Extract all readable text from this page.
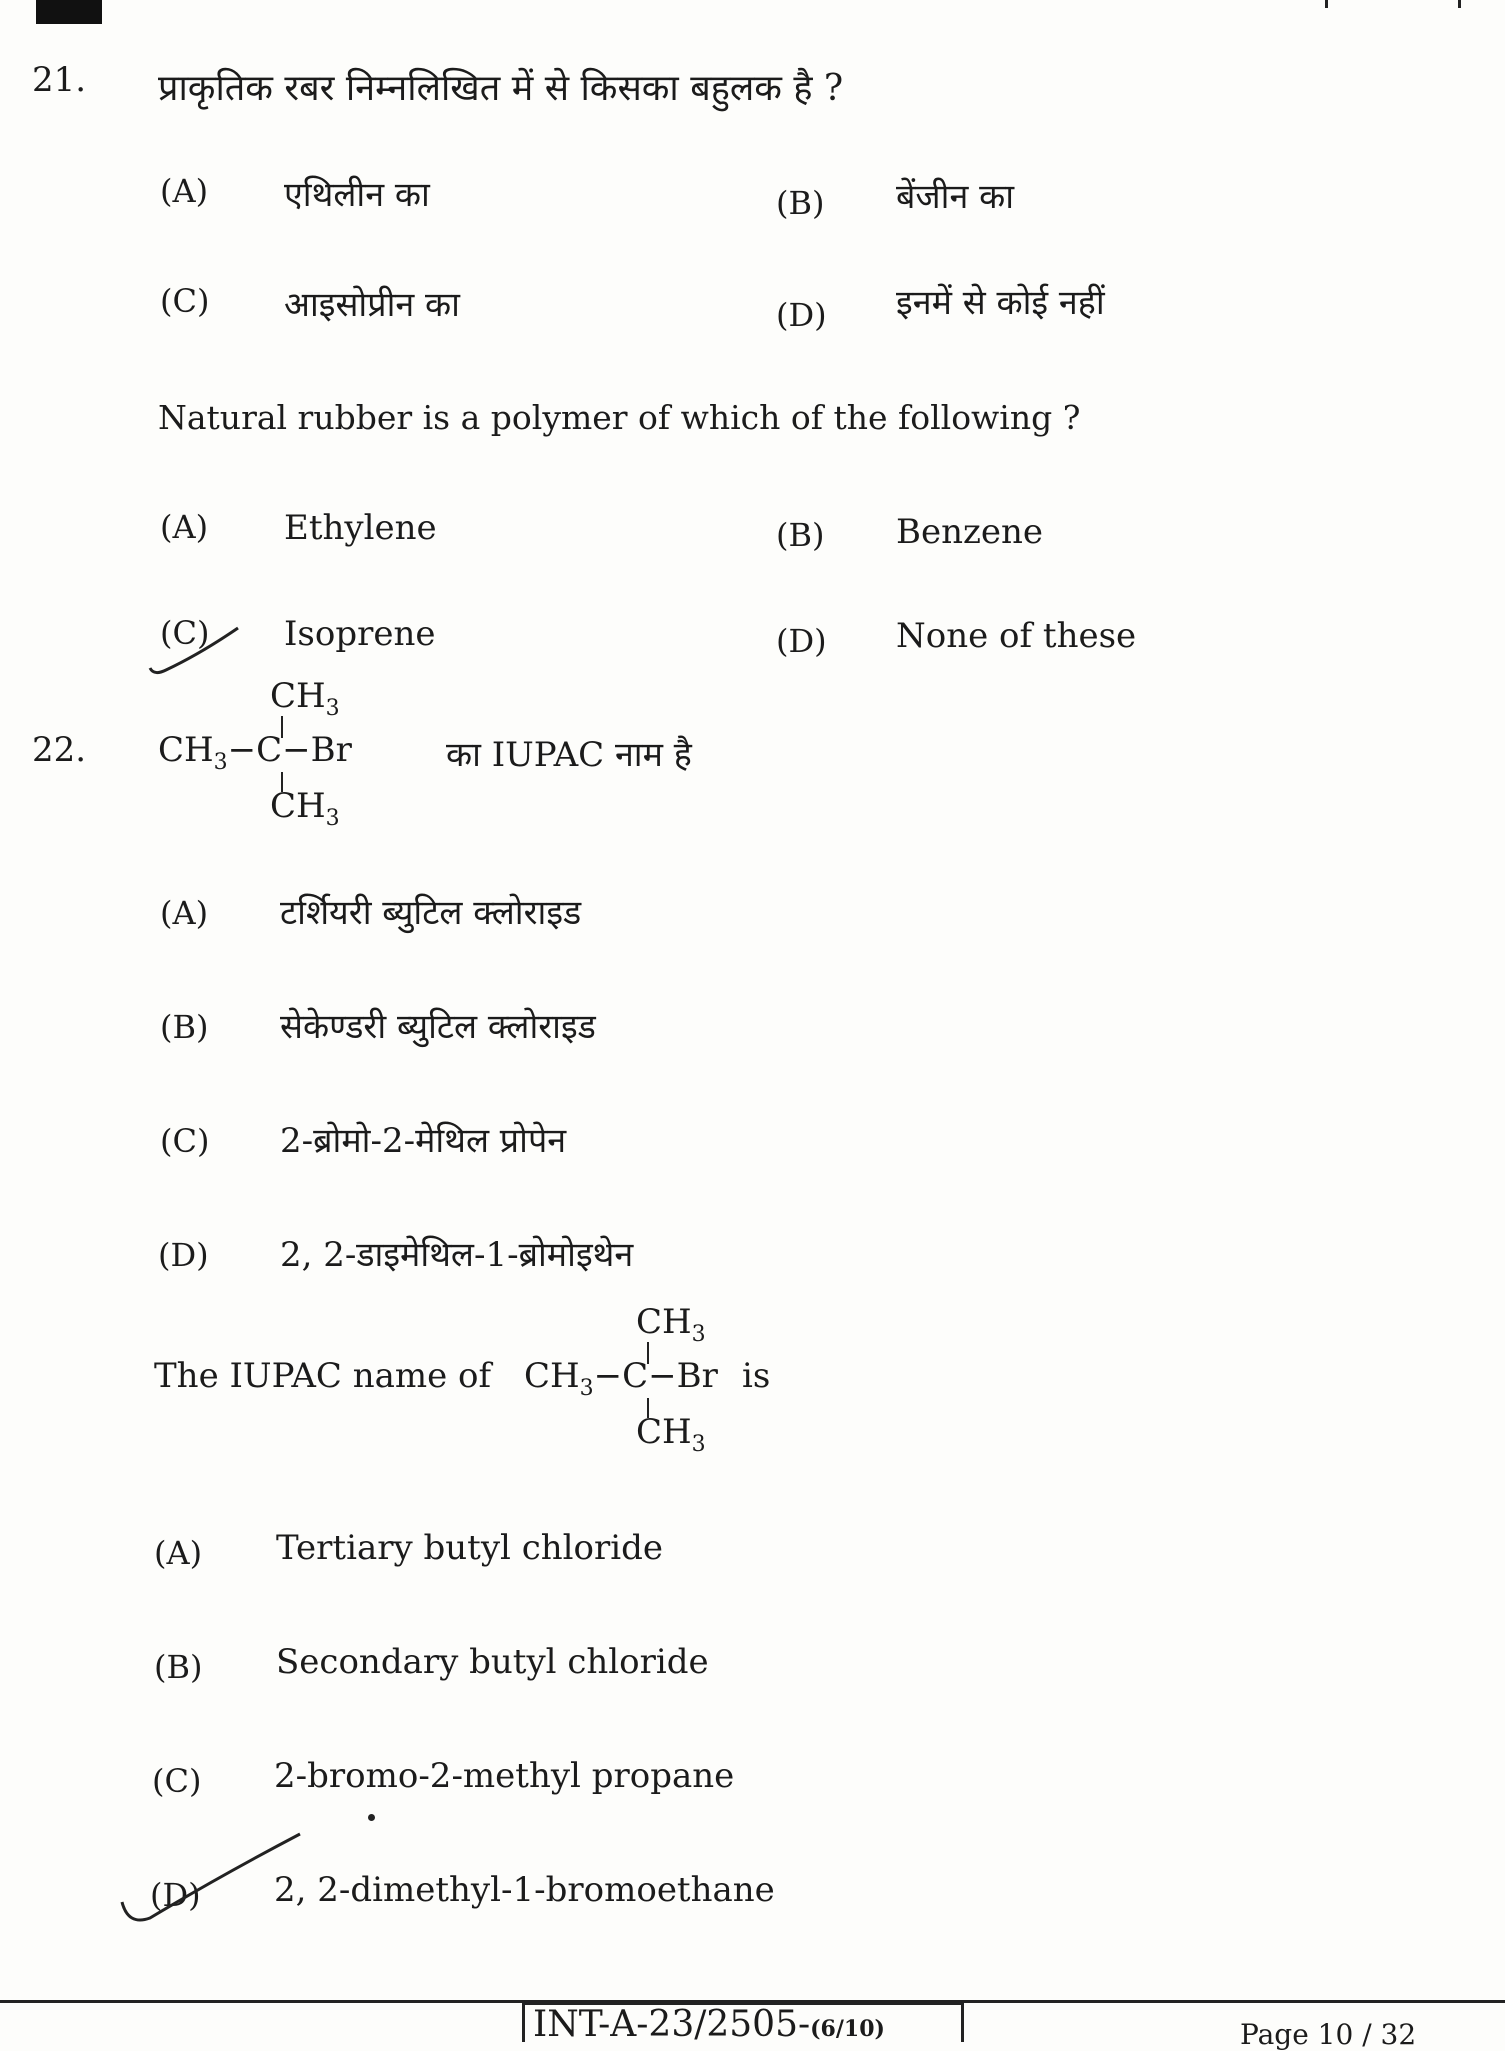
21. प्राकृतिक रबर निम्नलिखित में से किसका बहुलक है ?
(A) एथिलीन का	(B) बेंजीन का
(C) आइसोप्रीन का	(D) इनमें से कोई नहीं
Natural rubber is a polymer of which of the following ?
(A) Ethylene	(B) Benzene
(C) Isoprene	(D) None of these
22.
$CH_3$
$CH_3-C-Br$
$CH_3$
का IUPAC नाम है
(A) टर्शियरी ब्युटिल क्लोराइड
(B) सेकेण्डरी ब्युटिल क्लोराइड
(C) 2-ब्रोमो-2-मेथिल प्रोपेन
(D) 2, 2-डाइमेथिल-1-ब्रोमोइथेन
The IUPAC name of
$CH_3$
$CH_3-C-Br$
$CH_3$
is
(A) Tertiary butyl chloride
(B) Secondary butyl chloride
(C) 2-bromo-2-methyl propane
(D) 2, 2-dimethyl-1-bromoethane
INT-A-23/2505-(6/10)	Page 10 / 32
